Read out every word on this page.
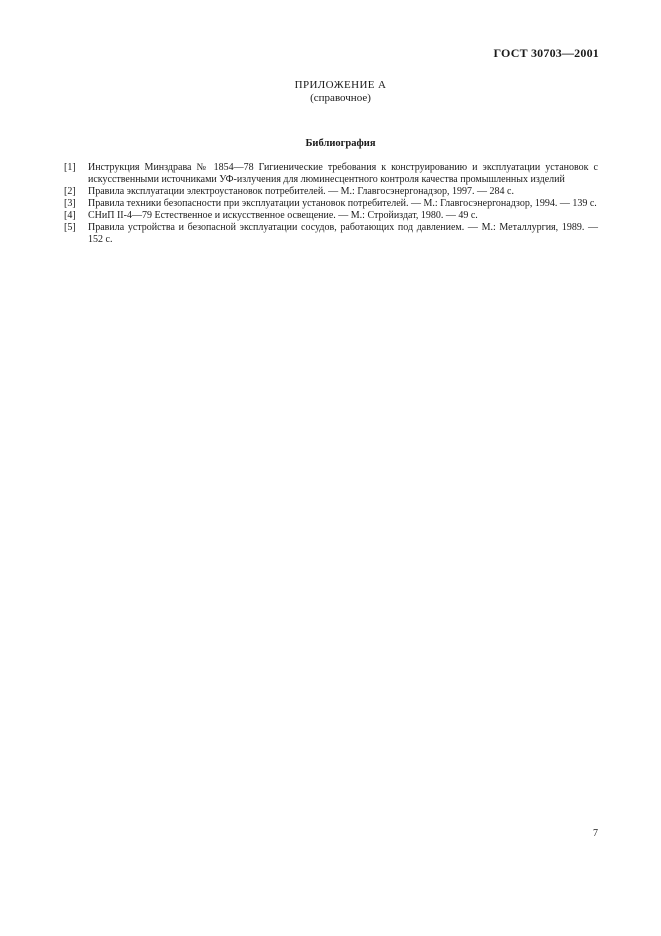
ГОСТ 30703—2001
ПРИЛОЖЕНИЕ А
(справочное)
Библиография
[1]	Инструкция Минздрава № 1854—78 Гигиенические требования к конструированию и эксплуатации установок с искусственными источниками УФ-излучения для люминесцентного контроля качества промышленных изделий
[2]	Правила эксплуатации электроустановок потребителей. — М.: Главгосэнергонадзор, 1997. — 284 с.
[3]	Правила техники безопасности при эксплуатации установок потребителей. — М.: Главгосэнергонадзор, 1994. — 139 с.
[4]	СНиП II-4—79 Естественное и искусственное освещение. — М.: Стройиздат, 1980. — 49 с.
[5]	Правила устройства и безопасной эксплуатации сосудов, работающих под давлением. — М.: Металлургия, 1989. — 152 с.
7
